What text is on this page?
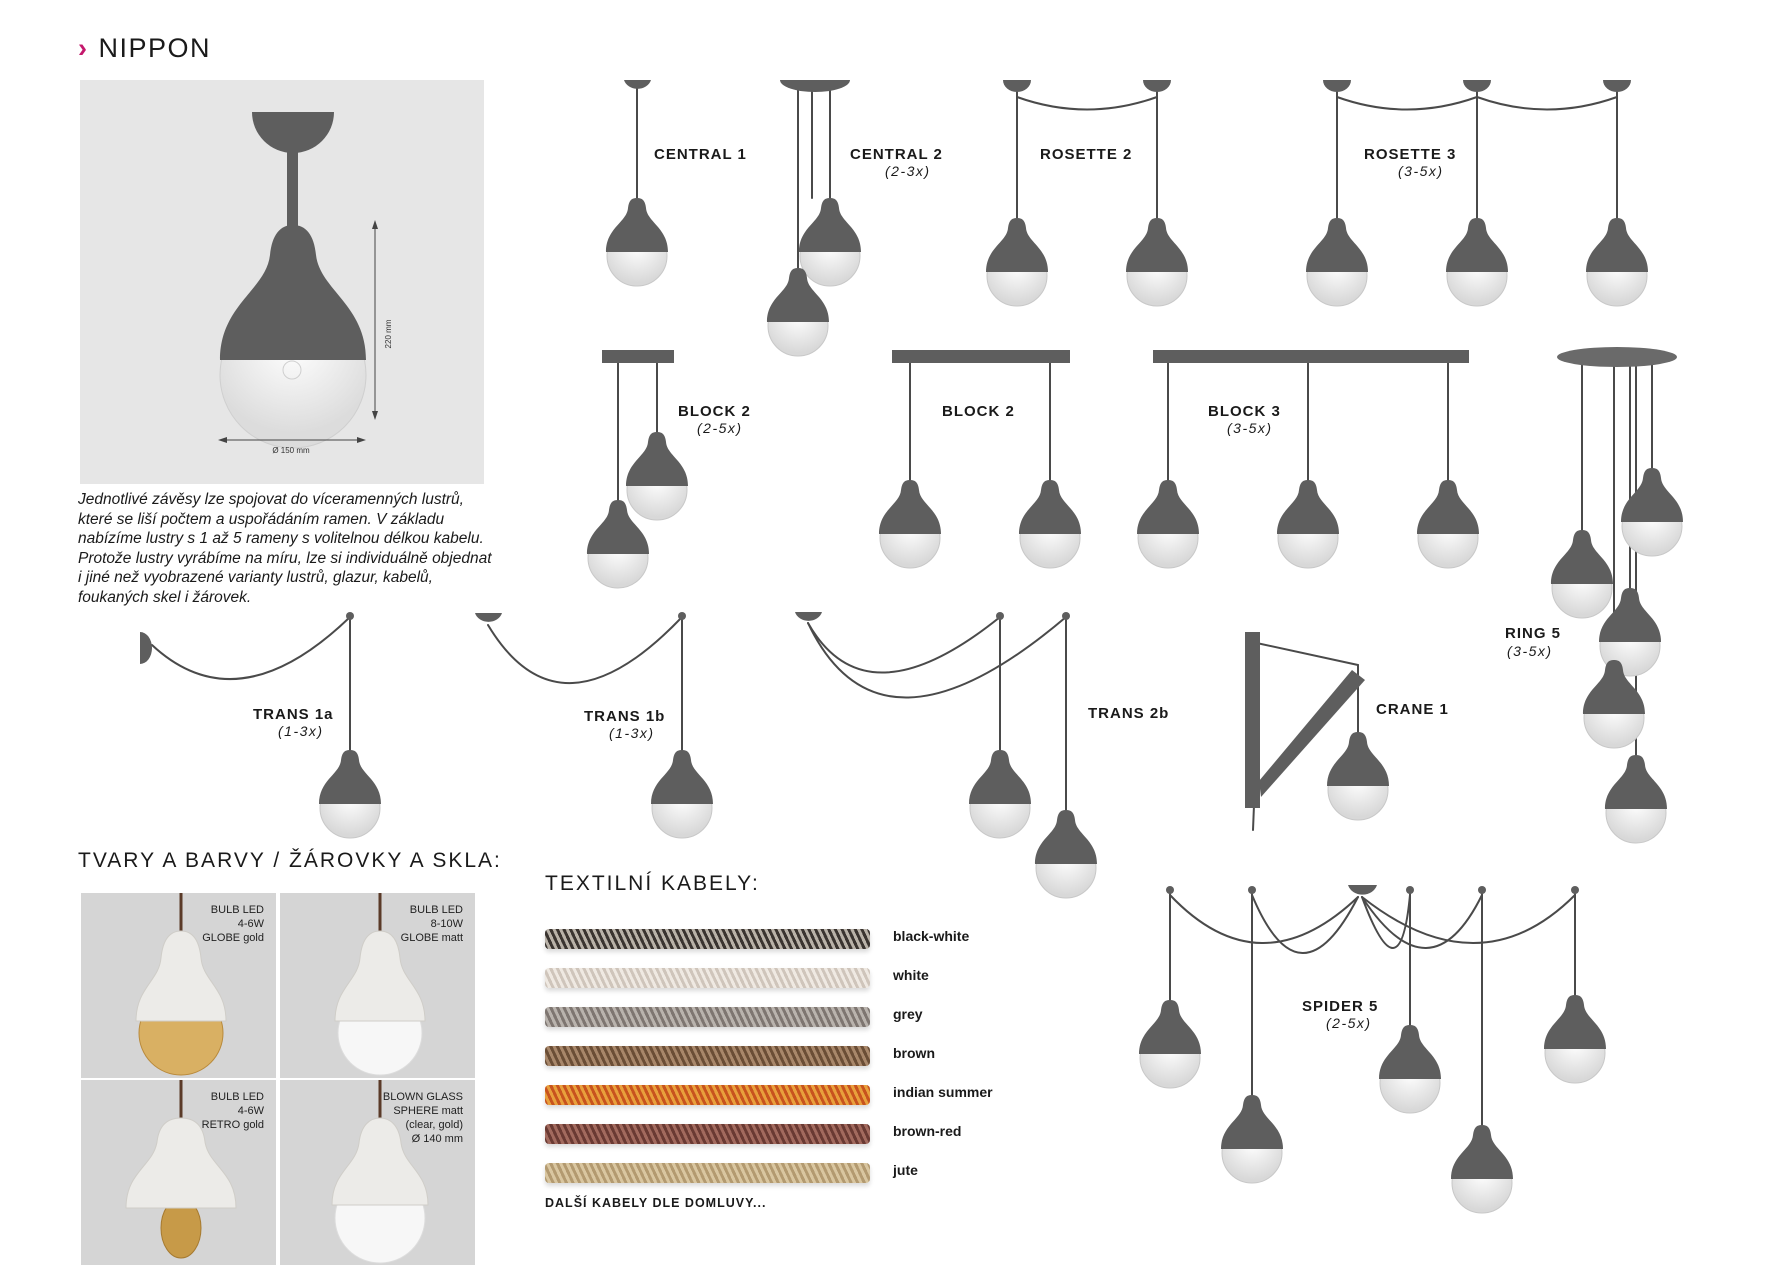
› NIPPON
220 mm
Ø 150 mm
Jednotlivé závěsy lze spojovat do víceramenných lustrů, které se liší počtem a uspořádáním ramen. V základu nabízíme lustry s 1 až 5 rameny s volitelnou délkou kabelu. Protože lustry vyrábíme na míru, lze si individuálně objednat i jiné než vyobrazené varianty lustrů, glazur, kabelů, foukaných skel i žárovek.
CENTRAL 1	CENTRAL 2
(2-3x)
ROSETTE 2	ROSETTE 3
(3-5x)
BLOCK 2
(2-5x)
BLOCK 2	BLOCK 3
(3-5x)
RING 5
(3-5x)
TRANS 1a
(1-3x)
TRANS 1b
(1-3x)
TRANS 2b	CRANE 1
SPIDER 5
(2-5x)
TVARY A BARVY / ŽÁROVKY A SKLA:
BULB LED
4-6W
GLOBE gold
BULB LED
8-10W
GLOBE matt
BULB LED
4-6W
RETRO gold
BLOWN GLASS
SPHERE matt
(clear, gold)
Ø 140 mm
TEXTILNÍ KABELY:
black-white
white
grey
brown
indian summer
brown-red
jute
DALŠÍ KABELY DLE DOMLUVY...
